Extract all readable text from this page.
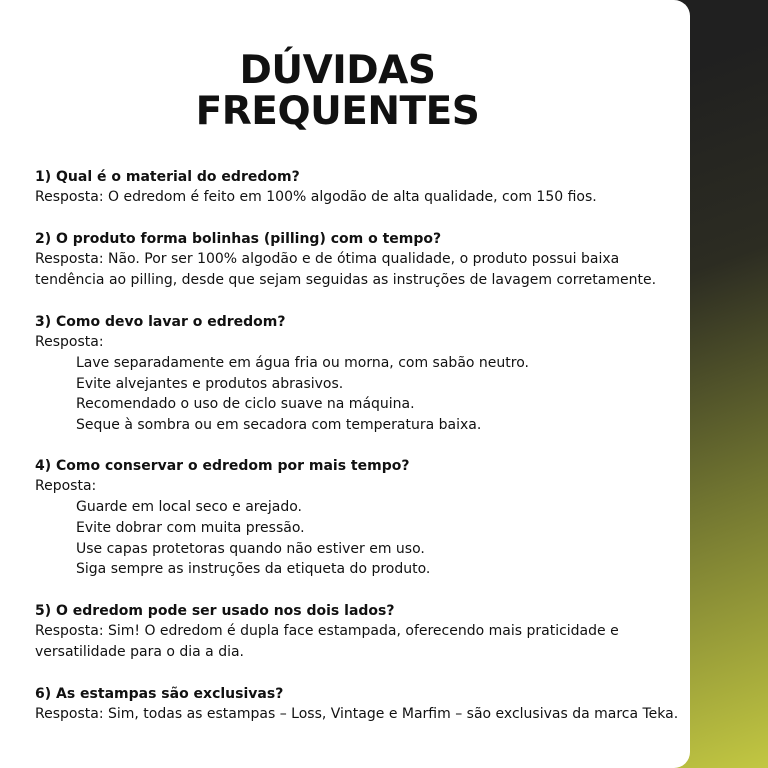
DÚVIDAS
FREQUENTES
1) Qual é o material do edredom?
Resposta: O edredom é feito em 100% algodão de alta qualidade, com 150 fios.
2) O produto forma bolinhas (pilling) com o tempo?
Resposta: Não. Por ser 100% algodão e de ótima qualidade, o produto possui baixa tendência ao pilling, desde que sejam seguidas as instruções de lavagem corretamente.
3) Como devo lavar o edredom?
Resposta:
Lave separadamente em água fria ou morna, com sabão neutro.
Evite alvejantes e produtos abrasivos.
Recomendado o uso de ciclo suave na máquina.
Seque à sombra ou em secadora com temperatura baixa.
4) Como conservar o edredom por mais tempo?
Reposta:
Guarde em local seco e arejado.
Evite dobrar com muita pressão.
Use capas protetoras quando não estiver em uso.
Siga sempre as instruções da etiqueta do produto.
5) O edredom pode ser usado nos dois lados?
Resposta: Sim! O edredom é dupla face estampada, oferecendo mais praticidade e versatilidade para o dia a dia.
6) As estampas são exclusivas?
Resposta: Sim, todas as estampas – Loss, Vintage e Marfim – são exclusivas da marca Teka.
